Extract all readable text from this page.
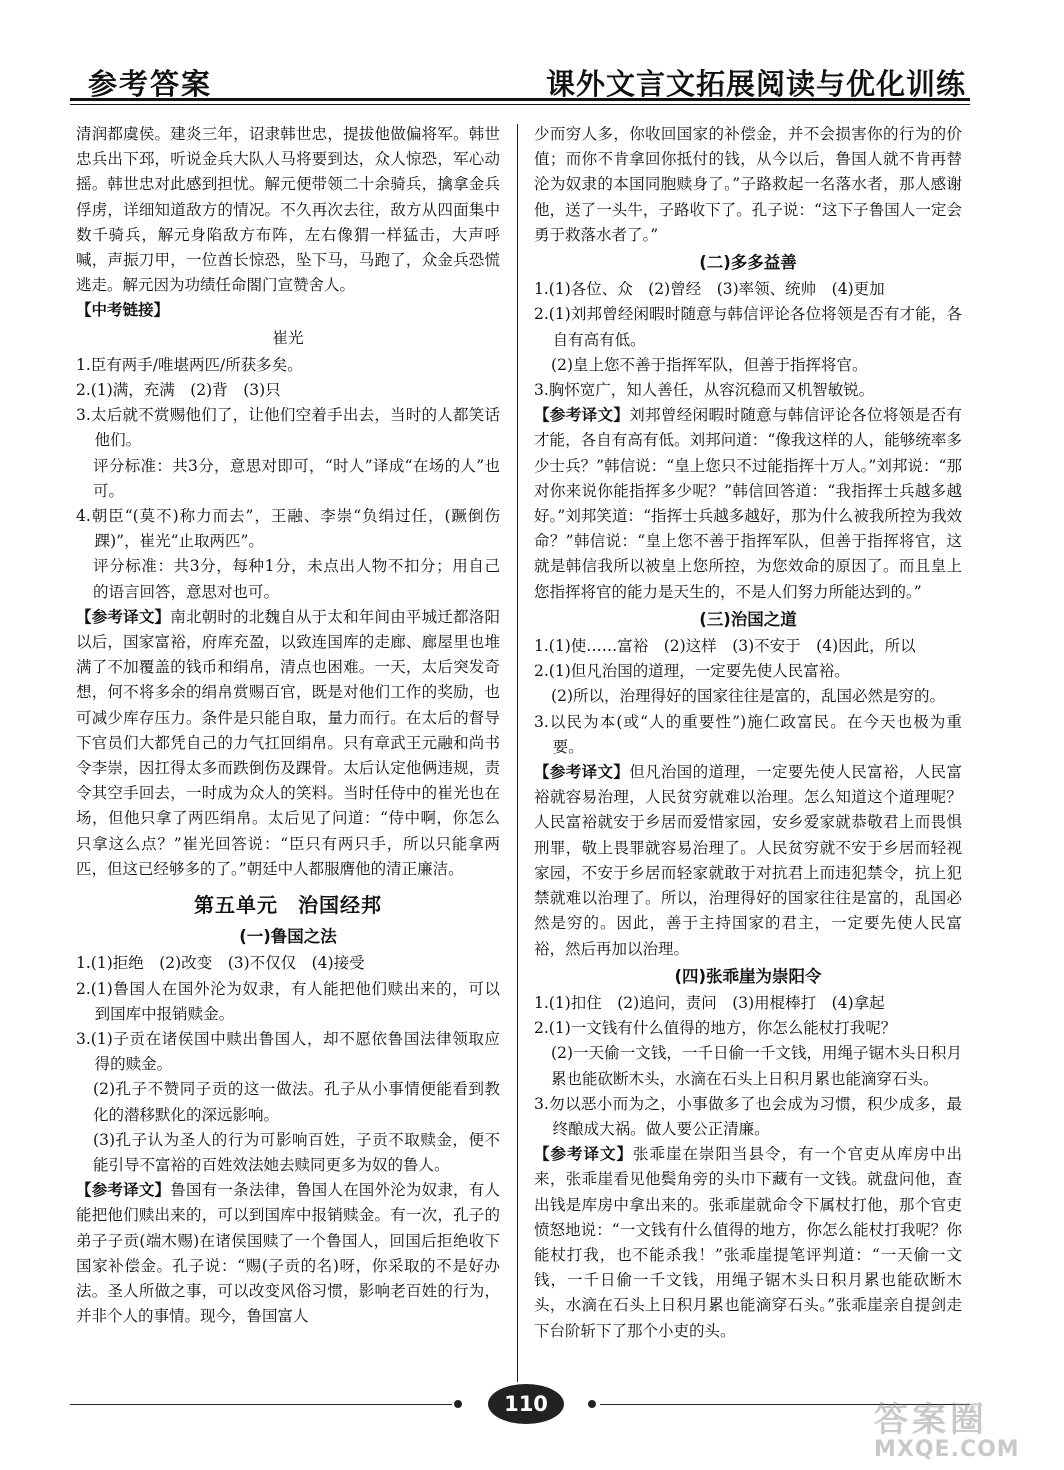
参考答案	课外文言文拓展阅读与优化训练

清润都虞侯。建炎三年，诏隶韩世忠，提拔他做偏将军。韩世忠兵出下邳，听说金兵大队人马将要到达，众人惊恐，军心动摇。韩世忠对此感到担忧。解元便带领二十余骑兵，擒拿金兵俘虏，详细知道敌方的情况。不久再次去往，敌方从四面集中数千骑兵，解元身陷敌方布阵，左右像猬一样猛击，大声呼喊，声振刀甲，一位酋长惊恐，坠下马，马跑了，众金兵恐慌逃走。解元因为功绩任命閤门宣赞舍人。

【中考链接】

崔光

1.臣有两手/唯堪两匹/所获多矣。

2.(1)满，充满　(2)背　(3)只

3.太后就不赏赐他们了，让他们空着手出去，当时的人都笑话他们。

评分标准：共3分，意思对即可，“时人”译成“在场的人”也可。

4.朝臣“(莫不)称力而去”，王融、李崇“负绢过任，(蹶倒伤踝)”，崔光“止取两匹”。

评分标准：共3分，每种1分，未点出人物不扣分；用自己的语言回答，意思对也可。

【参考译文】南北朝时的北魏自从于太和年间由平城迁都洛阳以后，国家富裕，府库充盈，以致连国库的走廊、廊屋里也堆满了不加覆盖的钱币和绢帛，清点也困难。一天，太后突发奇想，何不将多余的绢帛赏赐百官，既是对他们工作的奖励，也可减少库存压力。条件是只能自取，量力而行。在太后的督导下官员们大都凭自己的力气扛回绢帛。只有章武王元融和尚书令李崇，因扛得太多而跌倒伤及踝骨。太后认定他俩违规，责令其空手回去，一时成为众人的笑料。当时任侍中的崔光也在场，但他只拿了两匹绢帛。太后见了问道：“侍中啊，你怎么只拿这么点？”崔光回答说：“臣只有两只手，所以只能拿两匹，但这已经够多的了。”朝廷中人都服膺他的清正廉洁。

第五单元 治国经邦

(一)鲁国之法

1.(1)拒绝　(2)改变　(3)不仅仅　(4)接受

2.(1)鲁国人在国外沦为奴隶，有人能把他们赎出来的，可以到国库中报销赎金。

3.(1)子贡在诸侯国中赎出鲁国人，却不愿依鲁国法律领取应得的赎金。

(2)孔子不赞同子贡的这一做法。孔子从小事情便能看到教化的潜移默化的深远影响。

(3)孔子认为圣人的行为可影响百姓，子贡不取赎金，便不能引导不富裕的百姓效法她去赎同更多为奴的鲁人。

【参考译文】鲁国有一条法律，鲁国人在国外沦为奴隶，有人能把他们赎出来的，可以到国库中报销赎金。有一次，孔子的弟子子贡(端木赐)在诸侯国赎了一个鲁国人，回国后拒绝收下国家补偿金。孔子说：“赐(子贡的名)呀，你采取的不是好办法。圣人所做之事，可以改变风俗习惯，影响老百姓的行为，并非个人的事情。现今，鲁国富人

少而穷人多，你收回国家的补偿金，并不会损害你的行为的价值；而你不肯拿回你抵付的钱，从今以后，鲁国人就不肯再替沦为奴隶的本国同胞赎身了。”子路救起一名落水者，那人感谢他，送了一头牛，子路收下了。孔子说：“这下子鲁国人一定会勇于救落水者了。”

(二)多多益善

1.(1)各位、众　(2)曾经　(3)率领、统帅　(4)更加

2.(1)刘邦曾经闲暇时随意与韩信评论各位将领是否有才能，各自有高有低。

(2)皇上您不善于指挥军队，但善于指挥将官。

3.胸怀宽广，知人善任，从容沉稳而又机智敏锐。

【参考译文】刘邦曾经闲暇时随意与韩信评论各位将领是否有才能，各自有高有低。刘邦问道：“像我这样的人，能够统率多少士兵？”韩信说：“皇上您只不过能指挥十万人。”刘邦说：“那对你来说你能指挥多少呢？”韩信回答道：“我指挥士兵越多越好。”刘邦笑道：“指挥士兵越多越好，那为什么被我所控为我效命？”韩信说：“皇上您不善于指挥军队，但善于指挥将官，这就是韩信我所以被皇上您所控，为您效命的原因了。而且皇上您指挥将官的能力是天生的，不是人们努力所能达到的。”

(三)治国之道

1.(1)使……富裕　(2)这样　(3)不安于　(4)因此，所以

2.(1)但凡治国的道理，一定要先使人民富裕。

(2)所以，治理得好的国家往往是富的，乱国必然是穷的。

3.以民为本(或“人的重要性”)施仁政富民。在今天也极为重要。

【参考译文】但凡治国的道理，一定要先使人民富裕，人民富裕就容易治理，人民贫穷就难以治理。怎么知道这个道理呢？人民富裕就安于乡居而爱惜家园，安乡爱家就恭敬君上而畏惧刑罪，敬上畏罪就容易治理了。人民贫穷就不安于乡居而轻视家园，不安于乡居而轻家就敢于对抗君上而违犯禁令，抗上犯禁就难以治理了。所以，治理得好的国家往往是富的，乱国必然是穷的。因此，善于主持国家的君主，一定要先使人民富裕，然后再加以治理。

(四)张乖崖为崇阳令

1.(1)扣住　(2)追问，责问　(3)用棍棒打　(4)拿起

2.(1)一文钱有什么值得的地方，你怎么能杖打我呢？

(2)一天偷一文钱，一千日偷一千文钱，用绳子锯木头日积月累也能砍断木头，水滴在石头上日积月累也能滴穿石头。

3.勿以恶小而为之，小事做多了也会成为习惯，积少成多，最终酿成大祸。做人要公正清廉。

【参考译文】张乖崖在崇阳当县令，有一个官吏从库房中出来，张乖崖看见他鬓角旁的头巾下藏有一文钱。就盘问他，查出钱是库房中拿出来的。张乖崖就命令下属杖打他，那个官吏愤怒地说：“一文钱有什么值得的地方，你怎么能杖打我呢？你能杖打我，也不能杀我！”张乖崖提笔评判道：“一天偷一文钱，一千日偷一千文钱，用绳子锯木头日积月累也能砍断木头，水滴在石头上日积月累也能滴穿石头。”张乖崖亲自提剑走下台阶斩下了那个小吏的头。

110	答案圈
MXQE.COM
